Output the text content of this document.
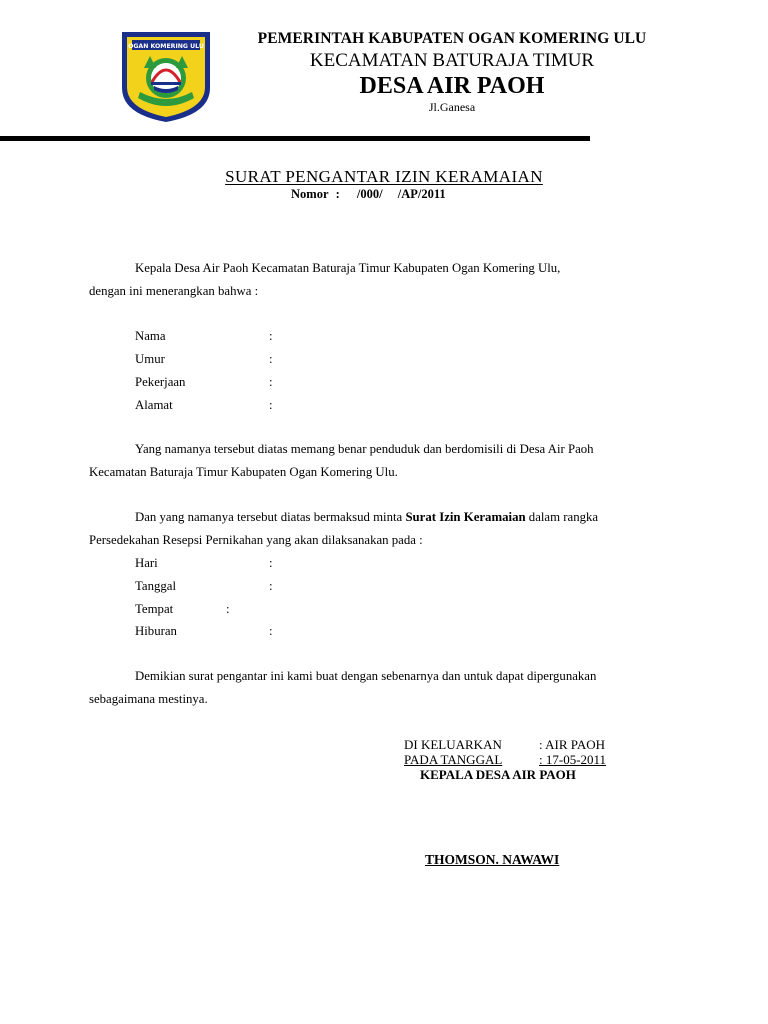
OGAN KOMERING ULU	PEMERINTAH KABUPATEN OGAN KOMERING ULU
KECAMATAN BATURAJA TIMUR
DESA AIR PAOH
Jl.Ganesa
SURAT PENGANTAR IZIN KERAMAIAN
Nomor : /000/ /AP/2011
Kepala Desa Air Paoh Kecamatan Baturaja Timur Kabupaten Ogan Komering Ulu,
dengan ini menerangkan bahwa :
Nama	:
Umur	:
Pekerjaan	:
Alamat	:
Yang namanya tersebut diatas memang benar penduduk dan berdomisili di Desa Air Paoh
Kecamatan Baturaja Timur Kabupaten Ogan Komering Ulu.
Dan yang namanya tersebut diatas bermaksud minta Surat Izin Keramaian dalam rangka
Persedekahan Resepsi Pernikahan yang akan dilaksanakan pada :
Hari	:
Tanggal	:
Tempat	:
Hiburan	:
Demikian surat pengantar ini kami buat dengan sebenarnya dan untuk dapat dipergunakan
sebagaimana mestinya.
DI KELUARKAN	: AIR PAOH
PADA TANGGAL	: 17-05-2011
KEPALA DESA AIR PAOH
THOMSON. NAWAWI
